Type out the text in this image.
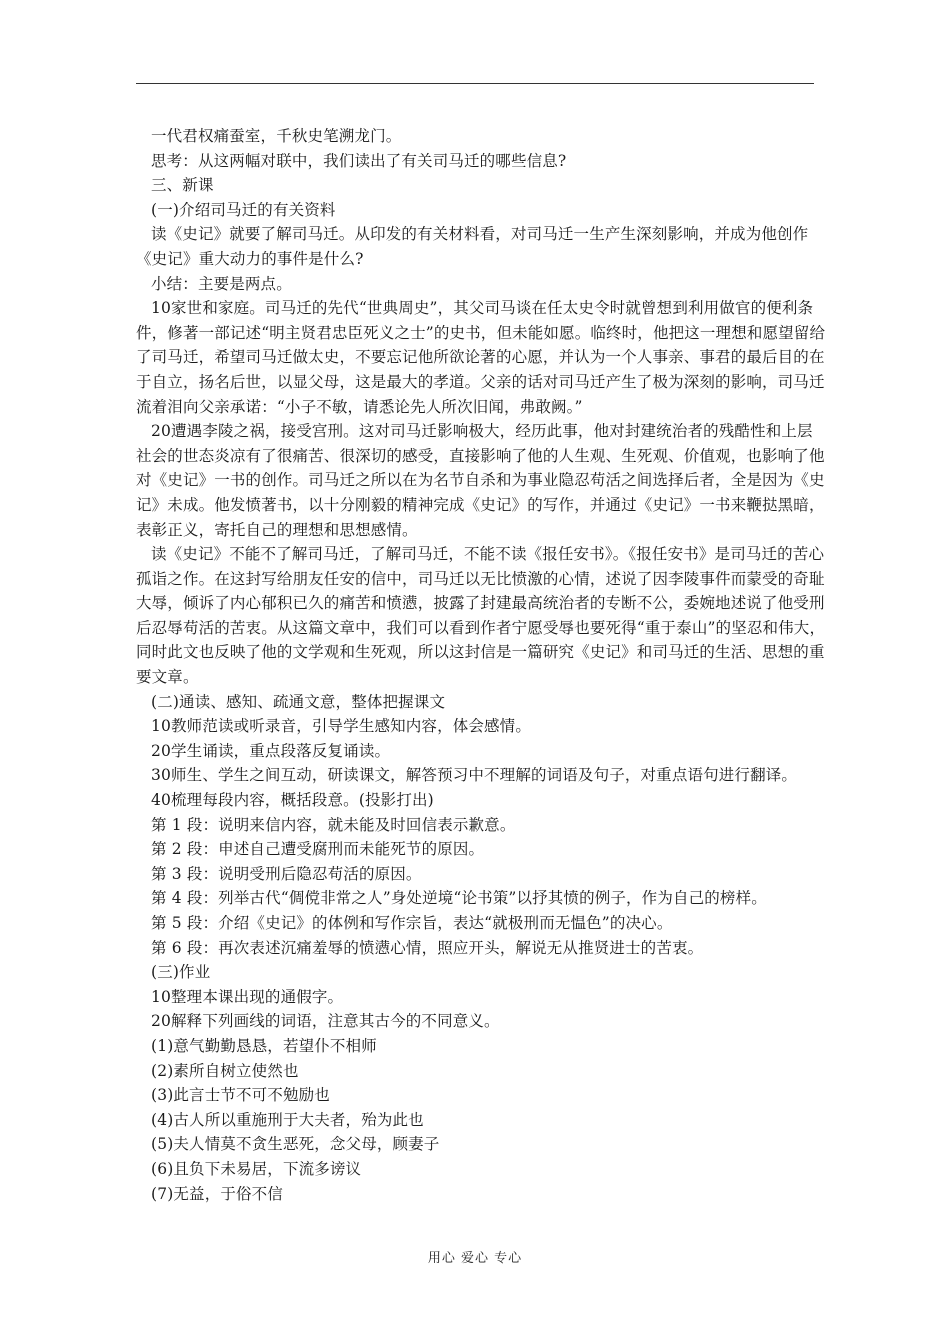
一代君权痛蚕室，千秋史笔溯龙门。

思考：从这两幅对联中，我们读出了有关司马迁的哪些信息?

三、新课

(一)介绍司马迁的有关资料

读《史记》就要了解司马迁。从印发的有关材料看，对司马迁一生产生深刻影响，并成为他创作《史记》重大动力的事件是什么?

小结：主要是两点。

10家世和家庭。司马迁的先代“世典周史”，其父司马谈在任太史令时就曾想到利用做官的便利条件，修著一部记述“明主贤君忠臣死义之士”的史书，但未能如愿。临终时，他把这一理想和愿望留给了司马迁，希望司马迁做太史，不要忘记他所欲论著的心愿，并认为一个人事亲、事君的最后目的在于自立，扬名后世，以显父母，这是最大的孝道。父亲的话对司马迁产生了极为深刻的影响，司马迁流着泪向父亲承诺：“小子不敏，请悉论先人所次旧闻，弗敢阙。”

20遭遇李陵之祸，接受宫刑。这对司马迁影响极大，经历此事，他对封建统治者的残酷性和上层社会的世态炎凉有了很痛苦、很深切的感受，直接影响了他的人生观、生死观、价值观，也影响了他对《史记》一书的创作。司马迁之所以在为名节自杀和为事业隐忍苟活之间选择后者，全是因为《史记》未成。他发愤著书，以十分刚毅的精神完成《史记》的写作，并通过《史记》一书来鞭挞黑暗，表彰正义，寄托自己的理想和思想感情。

读《史记》不能不了解司马迁，了解司马迁，不能不读《报任安书》。《报任安书》是司马迁的苦心孤诣之作。在这封写给朋友任安的信中，司马迁以无比愤激的心情，述说了因李陵事件而蒙受的奇耻大辱，倾诉了内心郁积已久的痛苦和愤懑，披露了封建最高统治者的专断不公，委婉地述说了他受刑后忍辱苟活的苦衷。从这篇文章中，我们可以看到作者宁愿受辱也要死得“重于泰山”的坚忍和伟大，同时此文也反映了他的文学观和生死观，所以这封信是一篇研究《史记》和司马迁的生活、思想的重要文章。

(二)通读、感知、疏通文意，整体把握课文

10教师范读或听录音，引导学生感知内容，体会感情。

20学生诵读，重点段落反复诵读。

30师生、学生之间互动，研读课文，解答预习中不理解的词语及句子，对重点语句进行翻译。

40梳理每段内容，概括段意。(投影打出)

第 1 段：说明来信内容，就未能及时回信表示歉意。

第 2 段：申述自己遭受腐刑而未能死节的原因。

第 3 段：说明受刑后隐忍苟活的原因。

第 4 段：列举古代“倜傥非常之人”身处逆境“论书策”以抒其愤的例子，作为自己的榜样。

第 5 段：介绍《史记》的体例和写作宗旨，表达“就极刑而无愠色”的决心。

第 6 段：再次表述沉痛羞辱的愤懑心情，照应开头，解说无从推贤进士的苦衷。

(三)作业

10整理本课出现的通假字。

20解释下列画线的词语，注意其古今的不同意义。

(1)意气勤勤恳恳，若望仆不相师

(2)素所自树立使然也

(3)此言士节不可不勉励也

(4)古人所以重施刑于大夫者，殆为此也

(5)夫人情莫不贪生恶死，念父母，顾妻子

(6)且负下未易居，下流多谤议

(7)无益，于俗不信

用心 爱心 专心
